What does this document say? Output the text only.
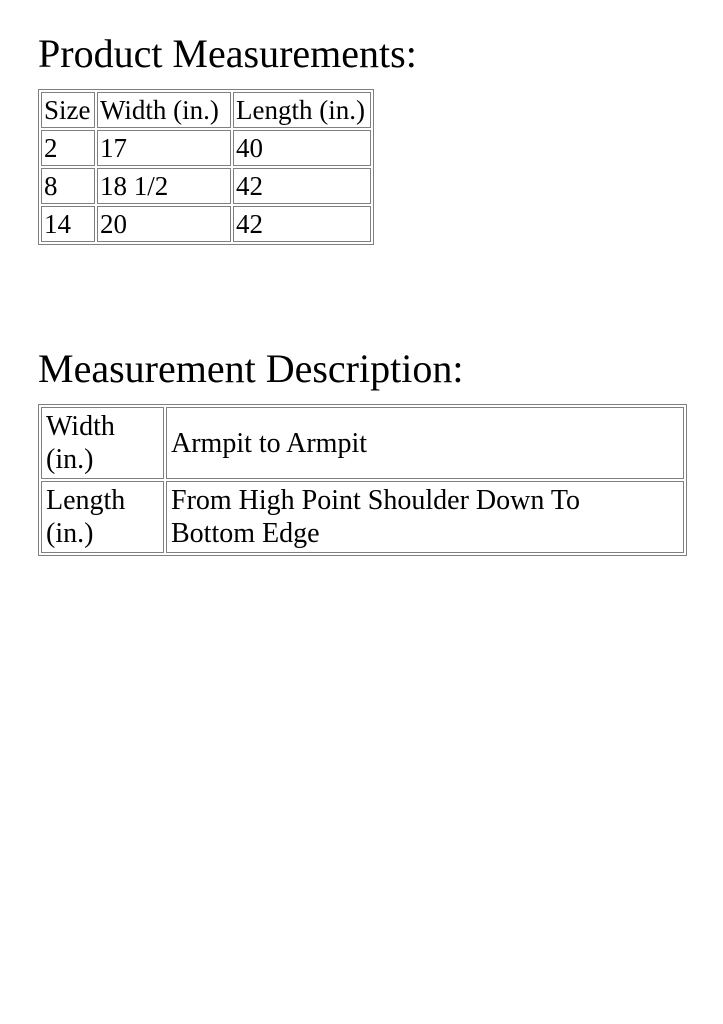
Product Measurements:
Size	Width (in.)	Length (in.)
2	17	40
8	18 1/2	42
14	20	42
Measurement Description:
Width (in.)	Armpit to Armpit

Length (in.)	From High Point Shoulder Down To Bottom Edge
